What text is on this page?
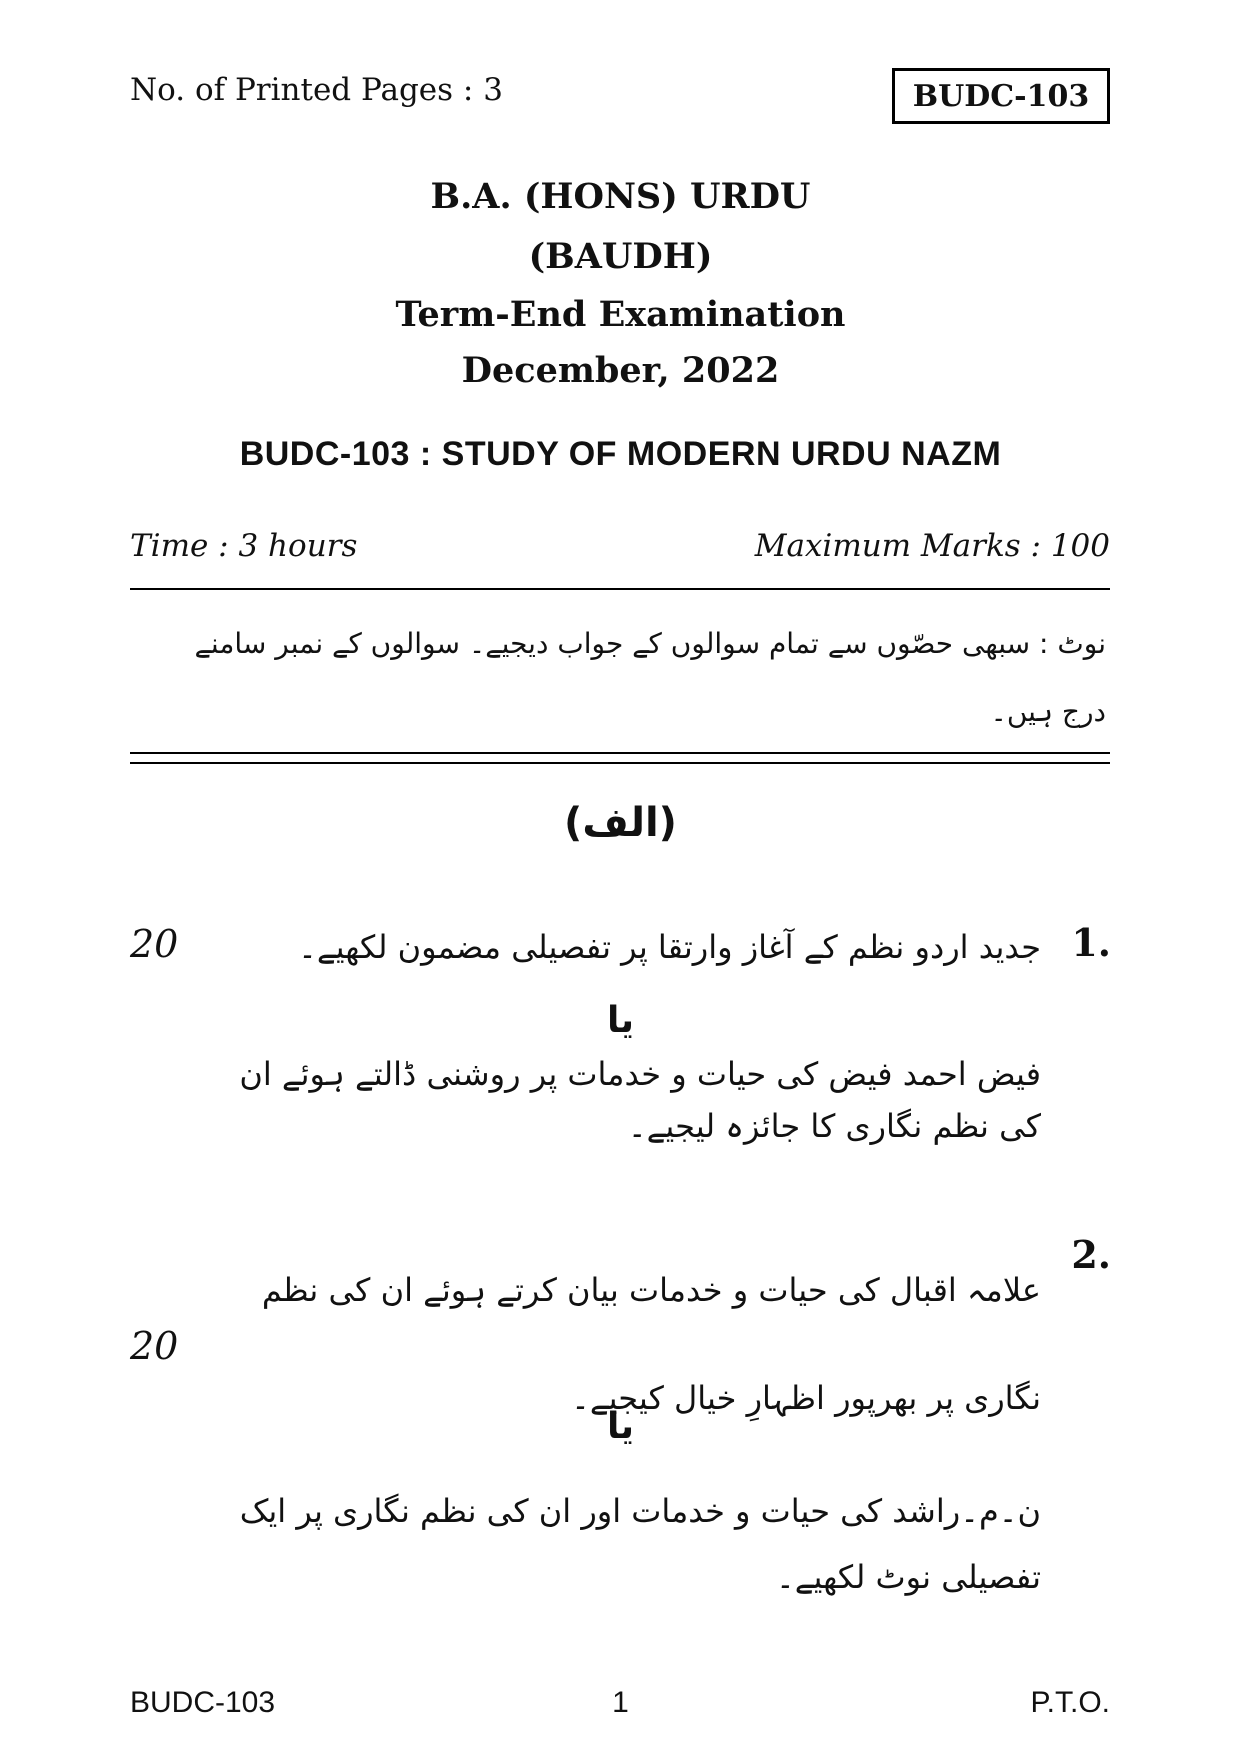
No. of Printed Pages : 3	BUDC-103
B.A. (HONS) URDU
(BAUDH)
Term-End Examination
December, 2022
BUDC-103 : STUDY OF MODERN URDU NAZM
Time : 3 hours	Maximum Marks : 100
نوٹ : سبھی حصّوں سے تمام سوالوں کے جواب دیجیے۔ سوالوں کے نمبر سامنے درج ہیں۔
(الف)
1.
20	جدید اردو نظم کے آغاز وارتقا پر تفصیلی مضمون لکھیے۔
یا
فیض احمد فیض کی حیات و خدمات پر روشنی ڈالتے ہوئے ان کی نظم نگاری کا جائزہ لیجیے۔
2.
علامہ اقبال کی حیات و خدمات بیان کرتے ہوئے ان کی نظم نگاری پر بھرپور اظہارِ خیال کیجیے۔
20
یا
ن۔م۔راشد کی حیات و خدمات اور ان کی نظم نگاری پر ایک تفصیلی نوٹ لکھیے۔
BUDC-103	1	P.T.O.
